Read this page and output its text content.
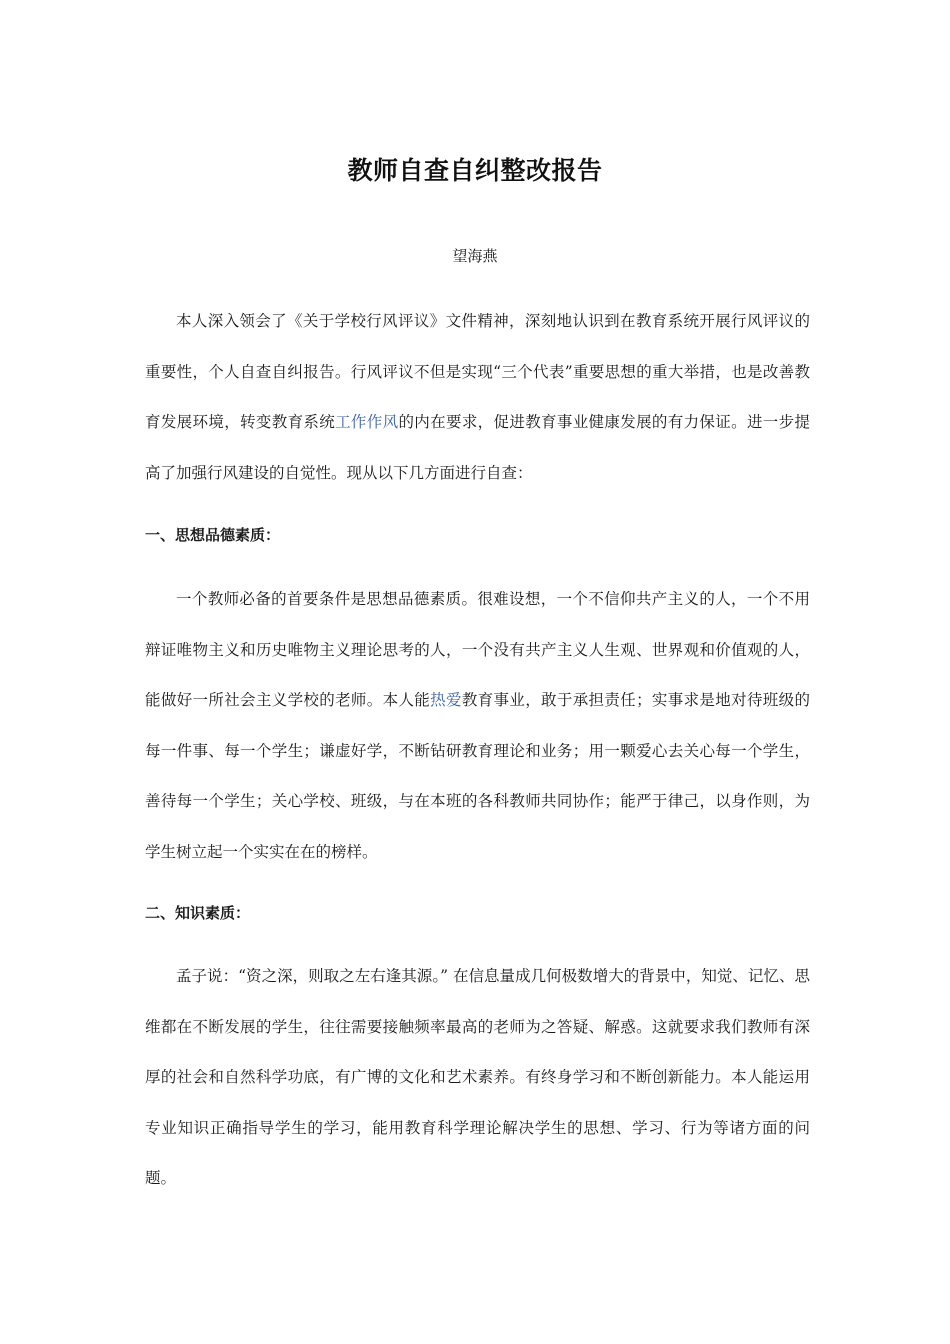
教师自查自纠整改报告
望海燕

本人深入领会了《关于学校行风评议》文件精神，深刻地认识到在教育系统开展行风评议的重要性，个人自查自纠报告。行风评议不但是实现“三个代表”重要思想的重大举措，也是改善教育发展环境，转变教育系统工作作风的内在要求，促进教育事业健康发展的有力保证。进一步提高了加强行风建设的自觉性。现从以下几方面进行自查：

一、思想品德素质：

一个教师必备的首要条件是思想品德素质。很难设想，一个不信仰共产主义的人，一个不用辩证唯物主义和历史唯物主义理论思考的人，一个没有共产主义人生观、世界观和价值观的人，能做好一所社会主义学校的老师。本人能热爱教育事业，敢于承担责任；实事求是地对待班级的每一件事、每一个学生；谦虚好学，不断钻研教育理论和业务；用一颗爱心去关心每一个学生，善待每一个学生；关心学校、班级，与在本班的各科教师共同协作；能严于律己，以身作则，为学生树立起一个实实在在的榜样。

二、知识素质：

孟子说：“资之深，则取之左右逢其源。” 在信息量成几何极数增大的背景中，知觉、记忆、思维都在不断发展的学生，往往需要接触频率最高的老师为之答疑、解惑。这就要求我们教师有深厚的社会和自然科学功底，有广博的文化和艺术素养。有终身学习和不断创新能力。本人能运用专业知识正确指导学生的学习，能用教育科学理论解决学生的思想、学习、行为等诸方面的问题。
